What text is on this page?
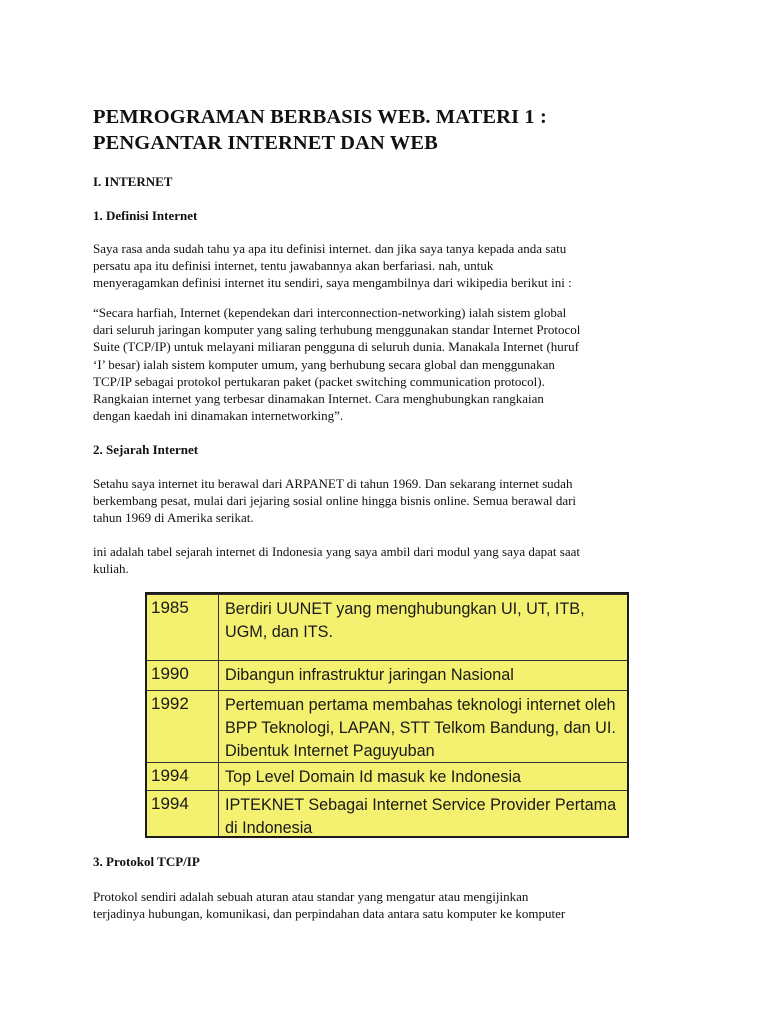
PEMROGRAMAN BERBASIS WEB. MATERI 1 :
PENGANTAR INTERNET DAN WEB
I. INTERNET
1. Definisi Internet

Saya rasa anda sudah tahu ya apa itu definisi internet. dan jika saya tanya kepada anda satu
persatu apa itu definisi internet, tentu jawabannya akan berfariasi. nah, untuk
menyeragamkan definisi internet itu sendiri, saya mengambilnya dari wikipedia berikut ini :

“Secara harfiah, Internet (kependekan dari interconnection-networking) ialah sistem global
dari seluruh jaringan komputer yang saling terhubung menggunakan standar Internet Protocol
Suite (TCP/IP) untuk melayani miliaran pengguna di seluruh dunia. Manakala Internet (huruf
‘I’ besar) ialah sistem komputer umum, yang berhubung secara global dan menggunakan
TCP/IP sebagai protokol pertukaran paket (packet switching communication protocol).
Rangkaian internet yang terbesar dinamakan Internet. Cara menghubungkan rangkaian
dengan kaedah ini dinamakan internetworking”.

2. Sejarah Internet

Setahu saya internet itu berawal dari ARPANET di tahun 1969. Dan sekarang internet sudah
berkembang pesat, mulai dari jejaring sosial online hingga bisnis online. Semua berawal dari
tahun 1969 di Amerika serikat.

ini adalah tabel sejarah internet di Indonesia yang saya ambil dari modul yang saya dapat saat
kuliah.

3. Protokol TCP/IP

Protokol sendiri adalah sebuah aturan atau standar yang mengatur atau mengijinkan
terjadinya hubungan, komunikasi, dan perpindahan data antara satu komputer ke komputer

1985	Berdiri UUNET yang menghubungkan UI, UT, ITB,
UGM, dan ITS.

1990	Dibangun infrastruktur jaringan Nasional

1992	Pertemuan pertama membahas teknologi internet oleh
BPP Teknologi, LAPAN, STT Telkom Bandung, dan UI.
Dibentuk Internet Paguyuban

1994	Top Level Domain Id masuk ke Indonesia

1994	IPTEKNET Sebagai Internet Service Provider Pertama
di Indonesia
